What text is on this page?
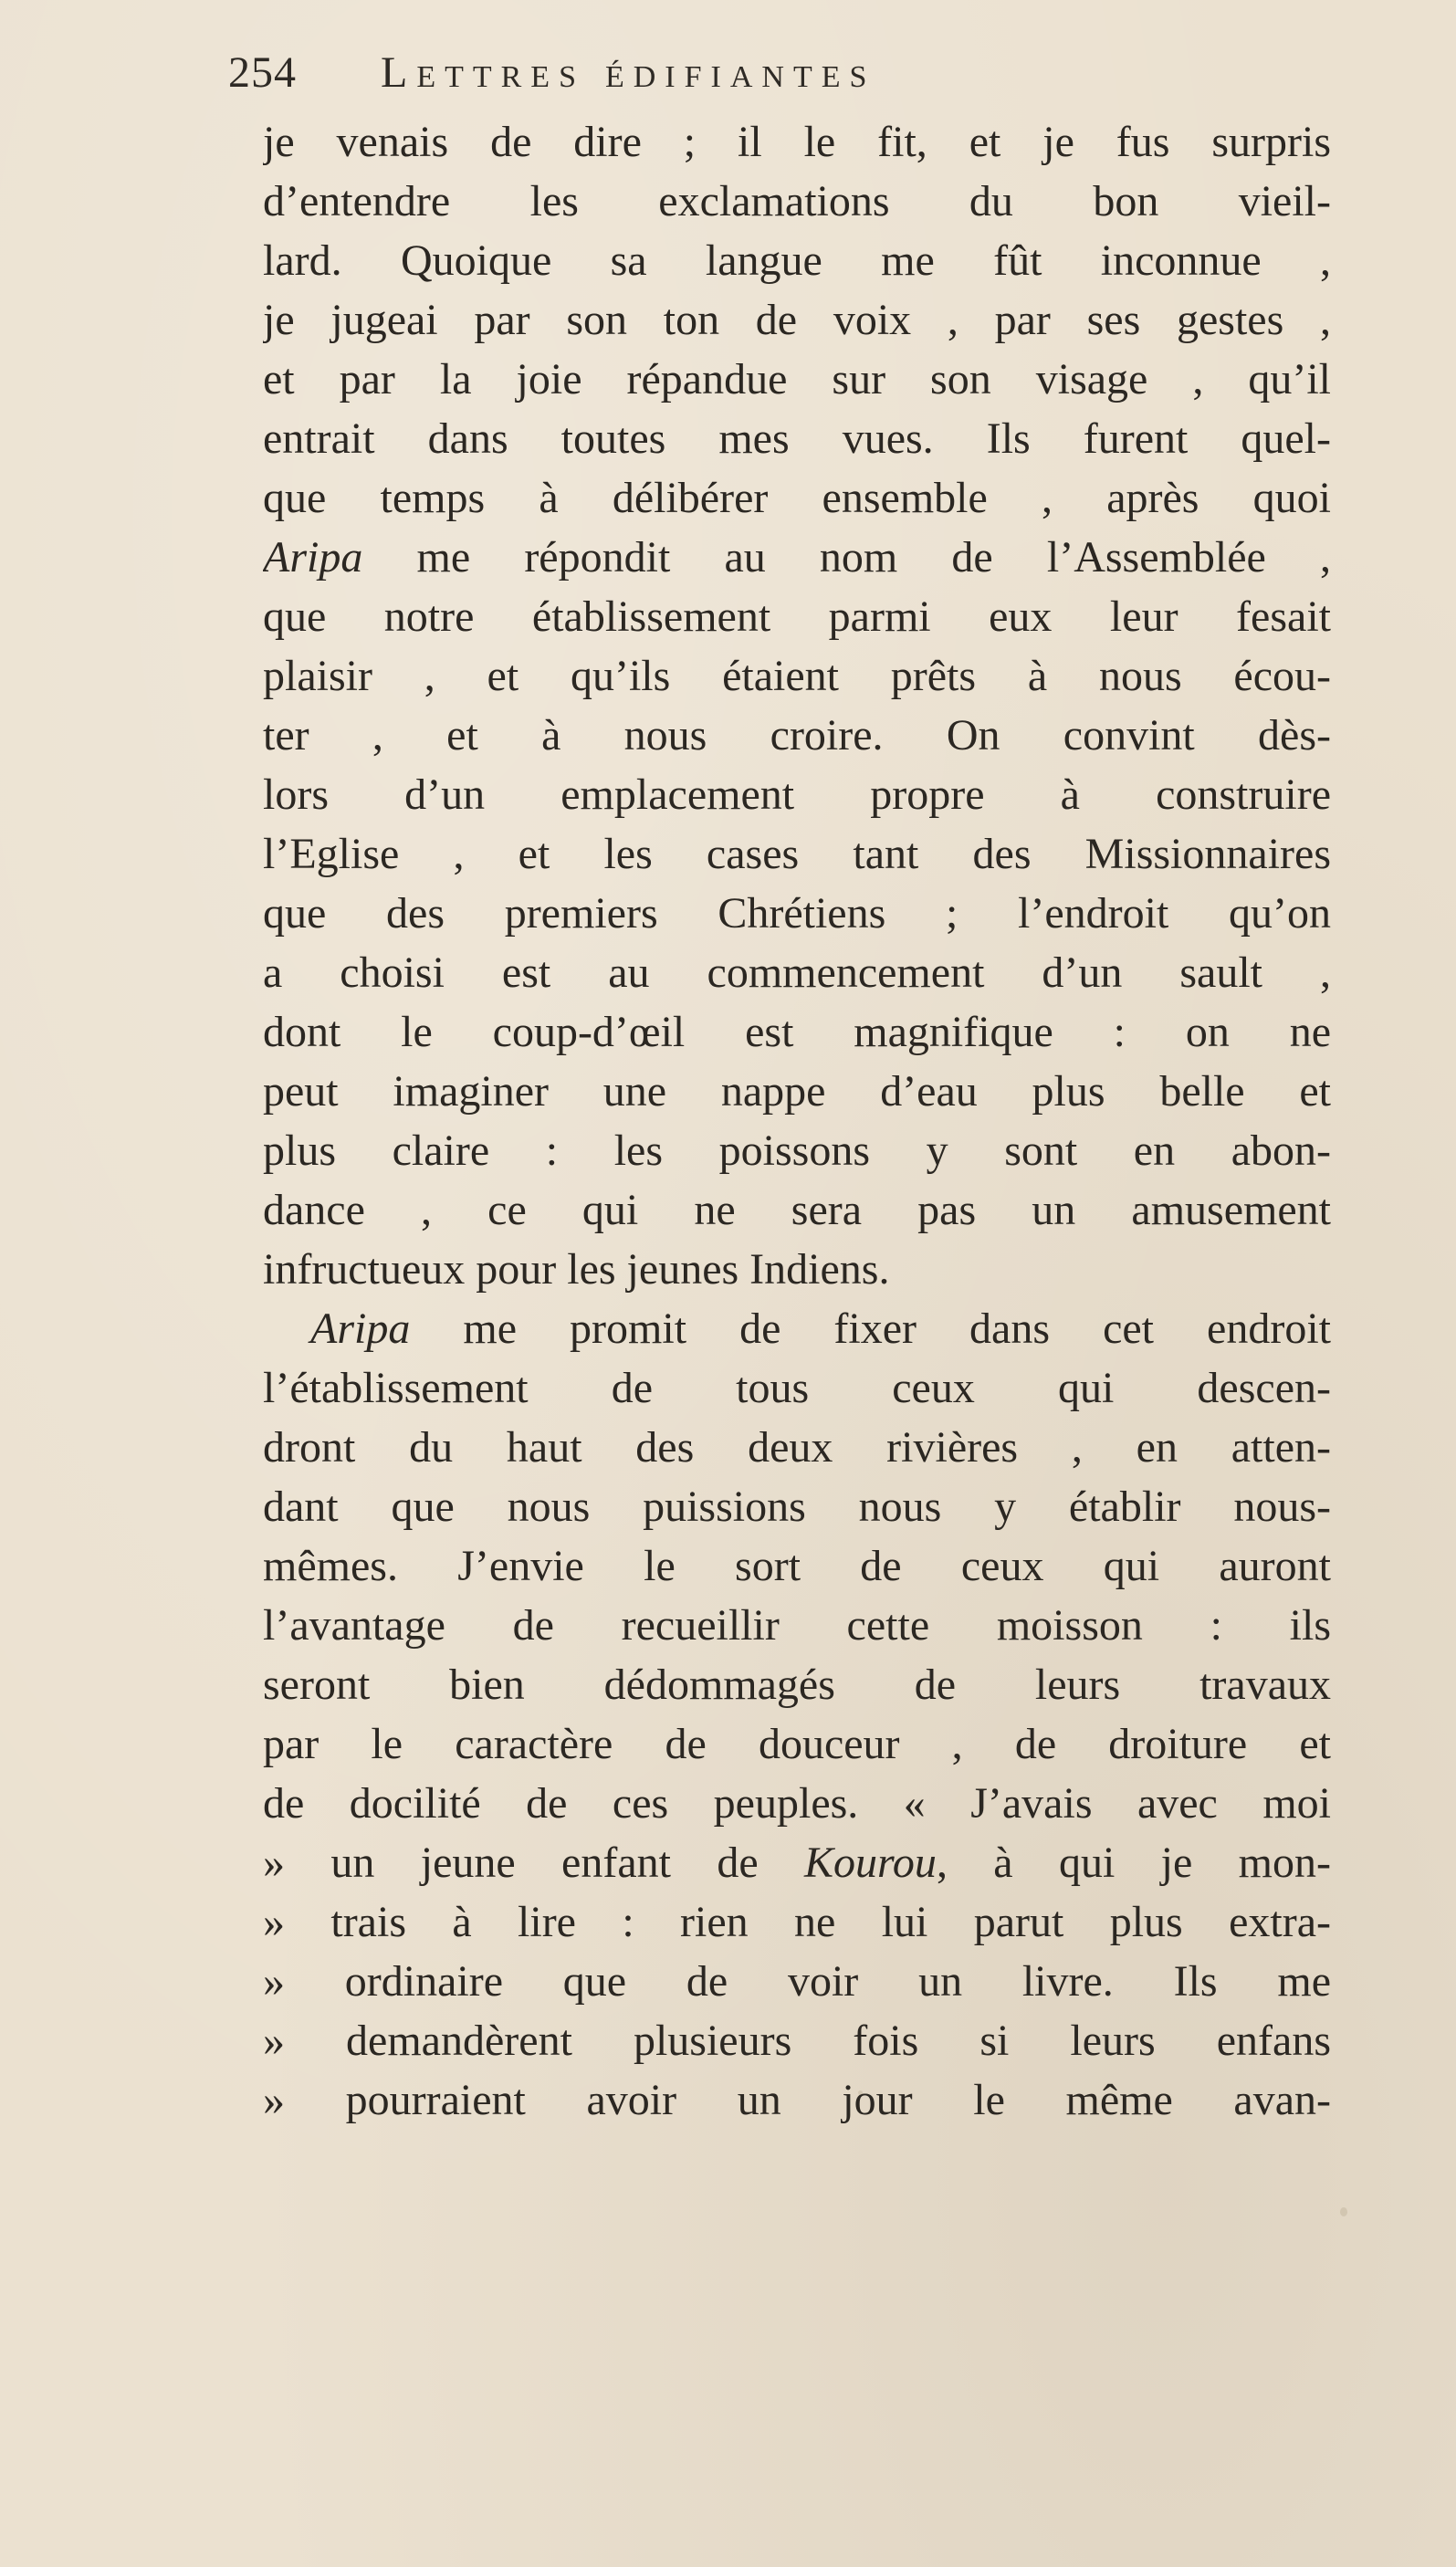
254 Lettres édifiantes
je venais de dire ; il le fit, et je fus surpris
d’entendre les exclamations du bon vieil-
lard. Quoique sa langue me fût inconnue ,
je jugeai par son ton de voix , par ses gestes ,
et par la joie répandue sur son visage , qu’il
entrait dans toutes mes vues. Ils furent quel-
que temps à délibérer ensemble , après quoi
Aripa me répondit au nom de l’Assemblée ,
que notre établissement parmi eux leur fesait
plaisir , et qu’ils étaient prêts à nous écou-
ter , et à nous croire. On convint dès-
lors d’un emplacement propre à construire
l’Eglise , et les cases tant des Missionnaires
que des premiers Chrétiens ; l’endroit qu’on
a choisi est au commencement d’un sault ,
dont le coup-d’œil est magnifique : on ne
peut imaginer une nappe d’eau plus belle et
plus claire : les poissons y sont en abon-
dance , ce qui ne sera pas un amusement
infructueux pour les jeunes Indiens.
Aripa me promit de fixer dans cet endroit
l’établissement de tous ceux qui descen-
dront du haut des deux rivières , en atten-
dant que nous puissions nous y établir nous-
mêmes. J’envie le sort de ceux qui auront
l’avantage de recueillir cette moisson : ils
seront bien dédommagés de leurs travaux
par le caractère de douceur , de droiture et
de docilité de ces peuples. « J’avais avec moi
» un jeune enfant de Kourou, à qui je mon-
» trais à lire : rien ne lui parut plus extra-
» ordinaire que de voir un livre. Ils me
» demandèrent plusieurs fois si leurs enfans
» pourraient avoir un jour le même avan-
